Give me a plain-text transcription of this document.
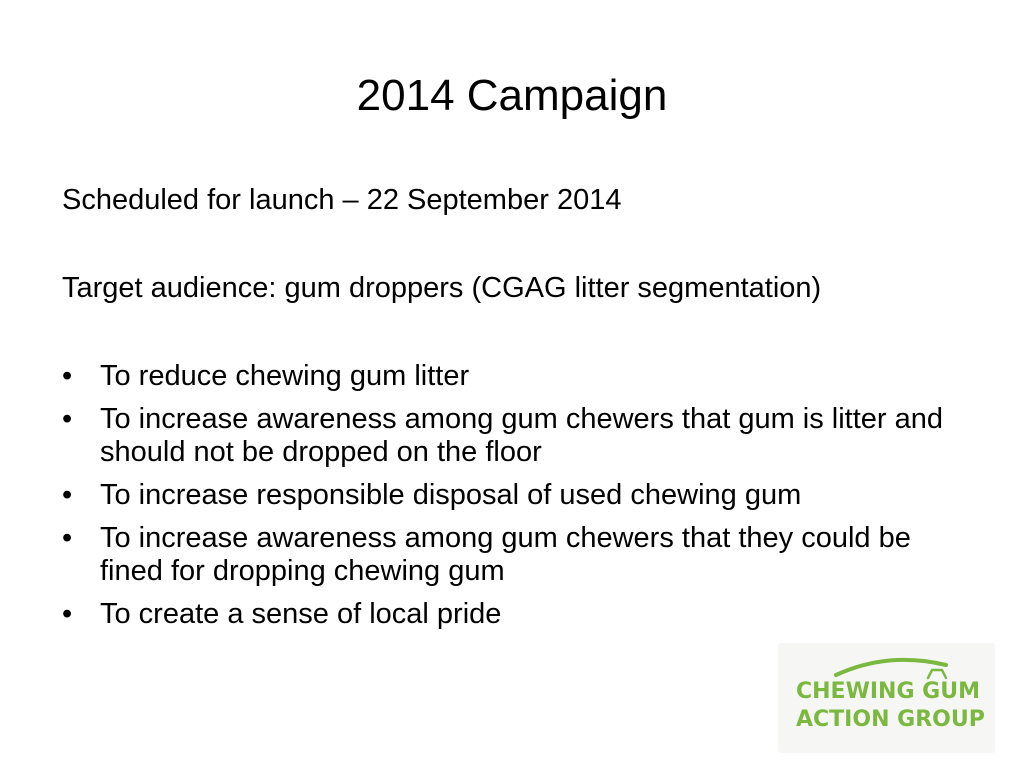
2014 Campaign

Scheduled for launch – 22 September 2014

Target audience: gum droppers (CGAG litter segmentation)

• To reduce chewing gum litter
• To increase awareness among gum chewers that gum is litter and should not be dropped on the floor
• To increase responsible disposal of used chewing gum
• To increase awareness among gum chewers that they could be fined for dropping chewing gum
• To create a sense of local pride
CHEWING GUM
ACTION GROUP
